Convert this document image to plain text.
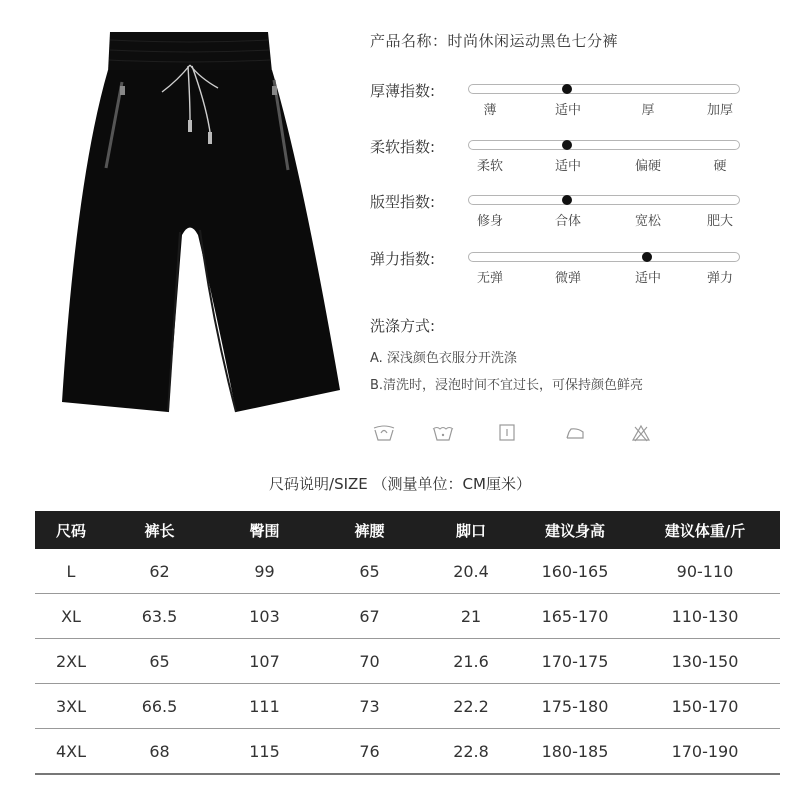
产品名称：时尚休闲运动黑色七分裤
厚薄指数:
薄	适中	厚	加厚
柔软指数:
柔软	适中	偏硬	硬
版型指数:
修身	合体	宽松	肥大
弹力指数:
无弹	微弹	适中	弹力
洗涤方式:
A. 深浅颜色衣服分开洗涤
B.清洗时，浸泡时间不宜过长，可保持颜色鲜亮
尺码说明/SIZE （测量单位：CM厘米）
尺码	裤长	臀围	裤腰	脚口	建议身高	建议体重/斤
L	62	99	65	20.4	160-165	90-110
XL	63.5	103	67	21	165-170	110-130
2XL	65	107	70	21.6	170-175	130-150
3XL	66.5	111	73	22.2	175-180	150-170
4XL	68	115	76	22.8	180-185	170-190
